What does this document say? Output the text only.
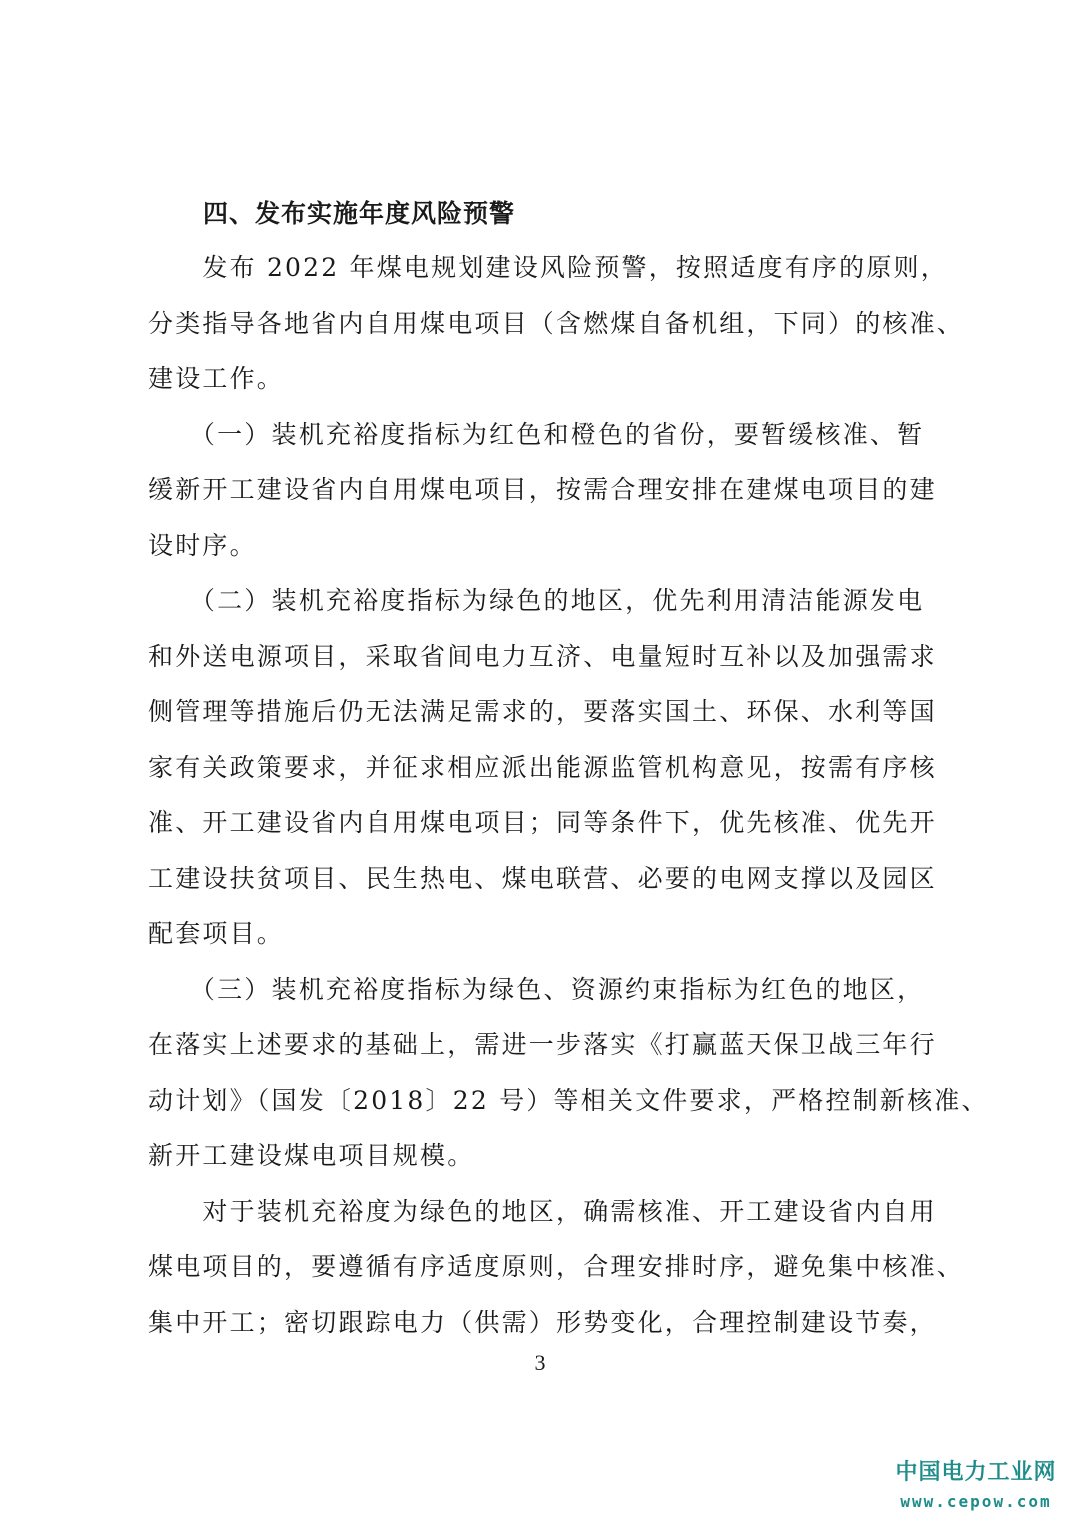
四、发布实施年度风险预警
　　发布 2022 年煤电规划建设风险预警，按照适度有序的原则，
分类指导各地省内自用煤电项目（含燃煤自备机组，下同）的核准、
建设工作。
　　（一）装机充裕度指标为红色和橙色的省份，要暂缓核准、暂
缓新开工建设省内自用煤电项目，按需合理安排在建煤电项目的建
设时序。
　　（二）装机充裕度指标为绿色的地区，优先利用清洁能源发电
和外送电源项目，采取省间电力互济、电量短时互补以及加强需求
侧管理等措施后仍无法满足需求的，要落实国土、环保、水利等国
家有关政策要求，并征求相应派出能源监管机构意见，按需有序核
准、开工建设省内自用煤电项目；同等条件下，优先核准、优先开
工建设扶贫项目、民生热电、煤电联营、必要的电网支撑以及园区
配套项目。
　　（三）装机充裕度指标为绿色、资源约束指标为红色的地区，
在落实上述要求的基础上，需进一步落实《打赢蓝天保卫战三年行
动计划》（国发〔2018〕22 号）等相关文件要求，严格控制新核准、
新开工建设煤电项目规模。
　　对于装机充裕度为绿色的地区，确需核准、开工建设省内自用
煤电项目的，要遵循有序适度原则，合理安排时序，避免集中核准、
集中开工；密切跟踪电力（供需）形势变化，合理控制建设节奏，
3
中国电力工业网
www.cepow.com
